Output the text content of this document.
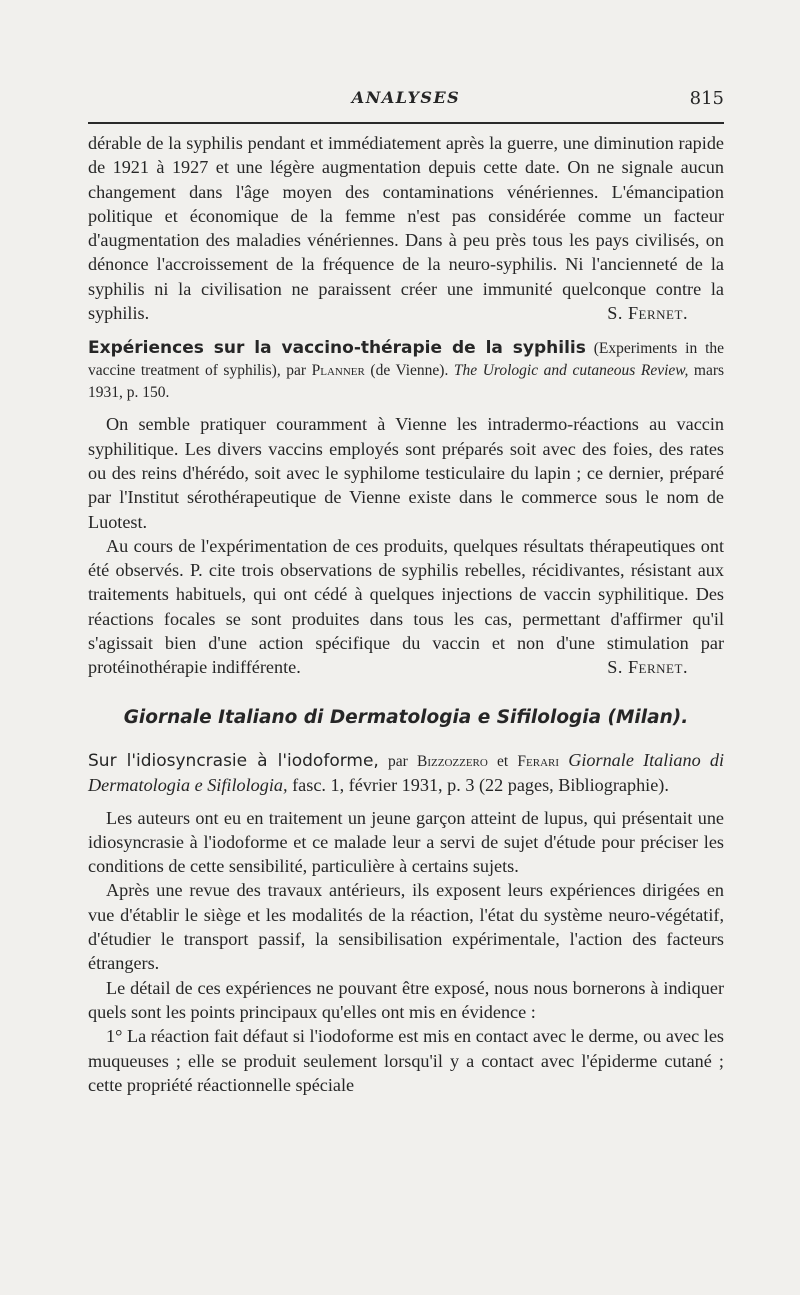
ANALYSES	815

dérable de la syphilis pendant et immédiatement après la guerre, une diminution rapide de 1921 à 1927 et une légère augmentation depuis cette date. On ne signale aucun changement dans l'âge moyen des contaminations vénériennes. L'émancipation politique et économique de la femme n'est pas considérée comme un facteur d'augmentation des maladies vénériennes. Dans à peu près tous les pays civilisés, on dénonce l'accroissement de la fréquence de la neuro-syphilis. Ni l'ancienneté de la syphilis ni la civilisation ne paraissent créer une immunité quelconque contre la syphilis.	S. Fernet.

Expériences sur la vaccino-thérapie de la syphilis (Experiments in the vaccine treatment of syphilis), par Planner (de Vienne). The Urologic and cutaneous Review, mars 1931, p. 150.

On semble pratiquer couramment à Vienne les intradermo-réactions au vaccin syphilitique. Les divers vaccins employés sont préparés soit avec des foies, des rates ou des reins d'hérédo, soit avec le syphilome testiculaire du lapin ; ce dernier, préparé par l'Institut sérothérapeutique de Vienne existe dans le commerce sous le nom de Luotest.

Au cours de l'expérimentation de ces produits, quelques résultats thérapeutiques ont été observés. P. cite trois observations de syphilis rebelles, récidivantes, résistant aux traitements habituels, qui ont cédé à quelques injections de vaccin syphilitique. Des réactions focales se sont produites dans tous les cas, permettant d'affirmer qu'il s'agissait bien d'une action spécifique du vaccin et non d'une stimulation par protéinothérapie indifférente.	S. Fernet.

Giornale Italiano di Dermatologia e Sifilologia (Milan).

Sur l'idiosyncrasie à l'iodoforme, par Bizzozzero et Ferari Giornale Italiano di Dermatologia e Sifilologia, fasc. 1, février 1931, p. 3 (22 pages, Bibliographie).

Les auteurs ont eu en traitement un jeune garçon atteint de lupus, qui présentait une idiosyncrasie à l'iodoforme et ce malade leur a servi de sujet d'étude pour préciser les conditions de cette sensibilité, particulière à certains sujets.

Après une revue des travaux antérieurs, ils exposent leurs expériences dirigées en vue d'établir le siège et les modalités de la réaction, l'état du système neuro-végétatif, d'étudier le transport passif, la sensibilisation expérimentale, l'action des facteurs étrangers.

Le détail de ces expériences ne pouvant être exposé, nous nous bornerons à indiquer quels sont les points principaux qu'elles ont mis en évidence :

1° La réaction fait défaut si l'iodoforme est mis en contact avec le derme, ou avec les muqueuses ; elle se produit seulement lorsqu'il y a contact avec l'épiderme cutané ; cette propriété réactionnelle spéciale
